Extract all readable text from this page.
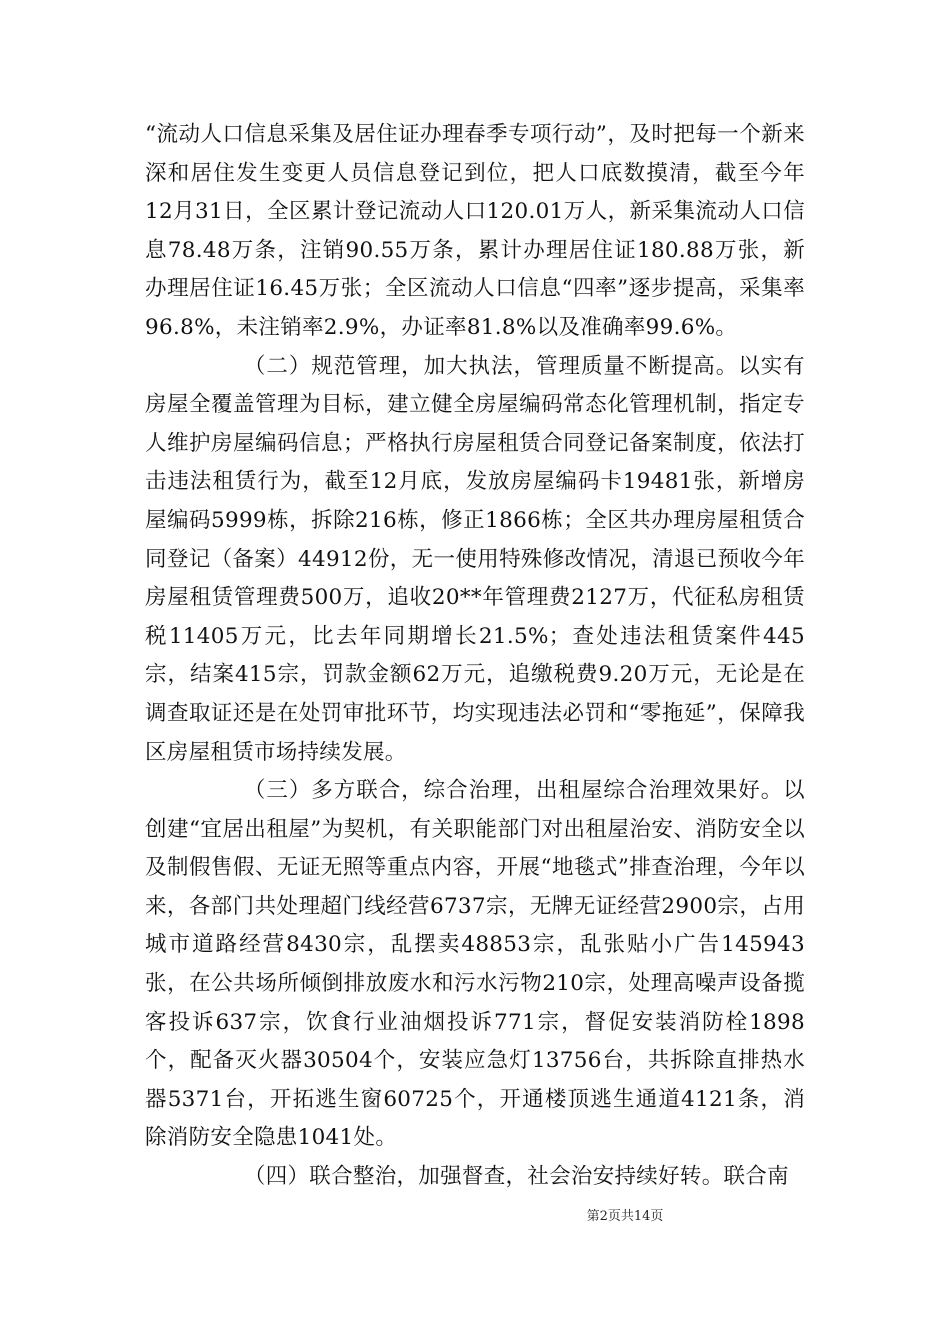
“流动人口信息采集及居住证办理春季专项行动”，及时把每一个新来深和居住发生变更人员信息登记到位，把人口底数摸清，截至今年12月31日，全区累计登记流动人口120.01万人，新采集流动人口信息78.48万条，注销90.55万条，累计办理居住证180.88万张，新办理居住证16.45万张；全区流动人口信息“四率”逐步提高，采集率96.8%，未注销率2.9%，办证率81.8%以及准确率99.6%。

（二）规范管理，加大执法，管理质量不断提高。以实有房屋全覆盖管理为目标，建立健全房屋编码常态化管理机制，指定专人维护房屋编码信息；严格执行房屋租赁合同登记备案制度，依法打击违法租赁行为，截至12月底，发放房屋编码卡19481张，新增房屋编码5999栋，拆除216栋，修正1866栋；全区共办理房屋租赁合同登记（备案）44912份，无一使用特殊修改情况，清退已预收今年房屋租赁管理费500万，追收20**年管理费2127万，代征私房租赁税11405万元，比去年同期增长21.5%；查处违法租赁案件445宗，结案415宗，罚款金额62万元，追缴税费9.20万元，无论是在调查取证还是在处罚审批环节，均实现违法必罚和“零拖延”，保障我区房屋租赁市场持续发展。

（三）多方联合，综合治理，出租屋综合治理效果好。以创建“宜居出租屋”为契机，有关职能部门对出租屋治安、消防安全以及制假售假、无证无照等重点内容，开展“地毯式”排查治理，今年以来，各部门共处理超门线经营6737宗，无牌无证经营2900宗，占用城市道路经营8430宗，乱摆卖48853宗，乱张贴小广告145943张，在公共场所倾倒排放废水和污水污物210宗，处理高噪声设备揽客投诉637宗，饮食行业油烟投诉771宗，督促安装消防栓1898个，配备灭火器30504个，安装应急灯13756台，共拆除直排热水器5371台，开拓逃生窗60725个，开通楼顶逃生通道4121条，消除消防安全隐患1041处。

（四）联合整治，加强督查，社会治安持续好转。联合南

第2页共14页
